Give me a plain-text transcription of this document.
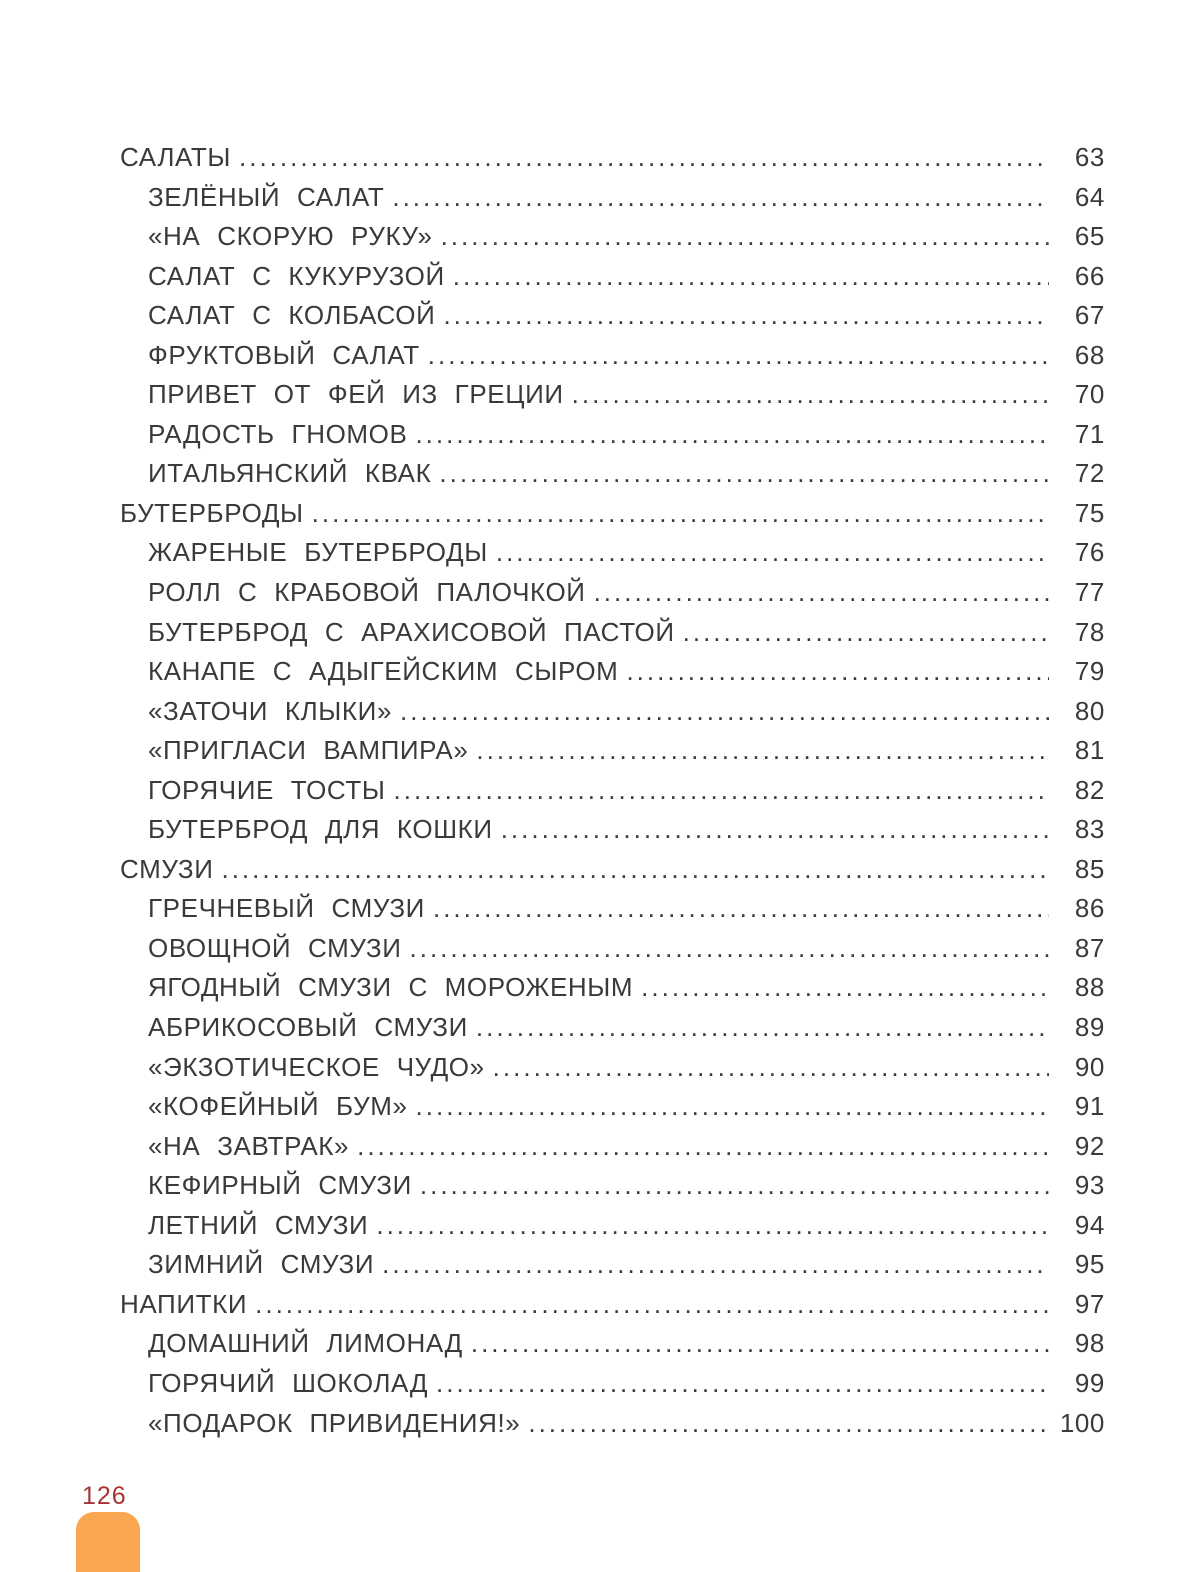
САЛАТЫ .....	63
ЗЕЛЁНЫЙ САЛАТ .....	64
«НА СКОРУЮ РУКУ» .....	65
САЛАТ С КУКУРУЗОЙ .....	66
САЛАТ С КОЛБАСОЙ .....	67
ФРУКТОВЫЙ САЛАТ .....	68
ПРИВЕТ ОТ ФЕЙ ИЗ ГРЕЦИИ .....	70
РАДОСТЬ ГНОМОВ .....	71
ИТАЛЬЯНСКИЙ КВАК .....	72
БУТЕРБРОДЫ .....	75
ЖАРЕНЫЕ БУТЕРБРОДЫ .....	76
РОЛЛ С КРАБОВОЙ ПАЛОЧКОЙ .....	77
БУТЕРБРОД С АРАХИСОВОЙ ПАСТОЙ .....	78
КАНАПЕ С АДЫГЕЙСКИМ СЫРОМ .....	79
«ЗАТОЧИ КЛЫКИ» .....	80
«ПРИГЛАСИ ВАМПИРА» .....	81
ГОРЯЧИЕ ТОСТЫ .....	82
БУТЕРБРОД ДЛЯ КОШКИ .....	83
СМУЗИ .....	85
ГРЕЧНЕВЫЙ СМУЗИ .....	86
ОВОЩНОЙ СМУЗИ .....	87
ЯГОДНЫЙ СМУЗИ С МОРОЖЕНЫМ .....	88
АБРИКОСОВЫЙ СМУЗИ .....	89
«ЭКЗОТИЧЕСКОЕ ЧУДО» .....	90
«КОФЕЙНЫЙ БУМ» .....	91
«НА ЗАВТРАК» .....	92
КЕФИРНЫЙ СМУЗИ .....	93
ЛЕТНИЙ СМУЗИ .....	94
ЗИМНИЙ СМУЗИ .....	95
НАПИТКИ .....	97
ДОМАШНИЙ ЛИМОНАД .....	98
ГОРЯЧИЙ ШОКОЛАД .....	99
«ПОДАРОК ПРИВИДЕНИЯ!» .....	100
126
